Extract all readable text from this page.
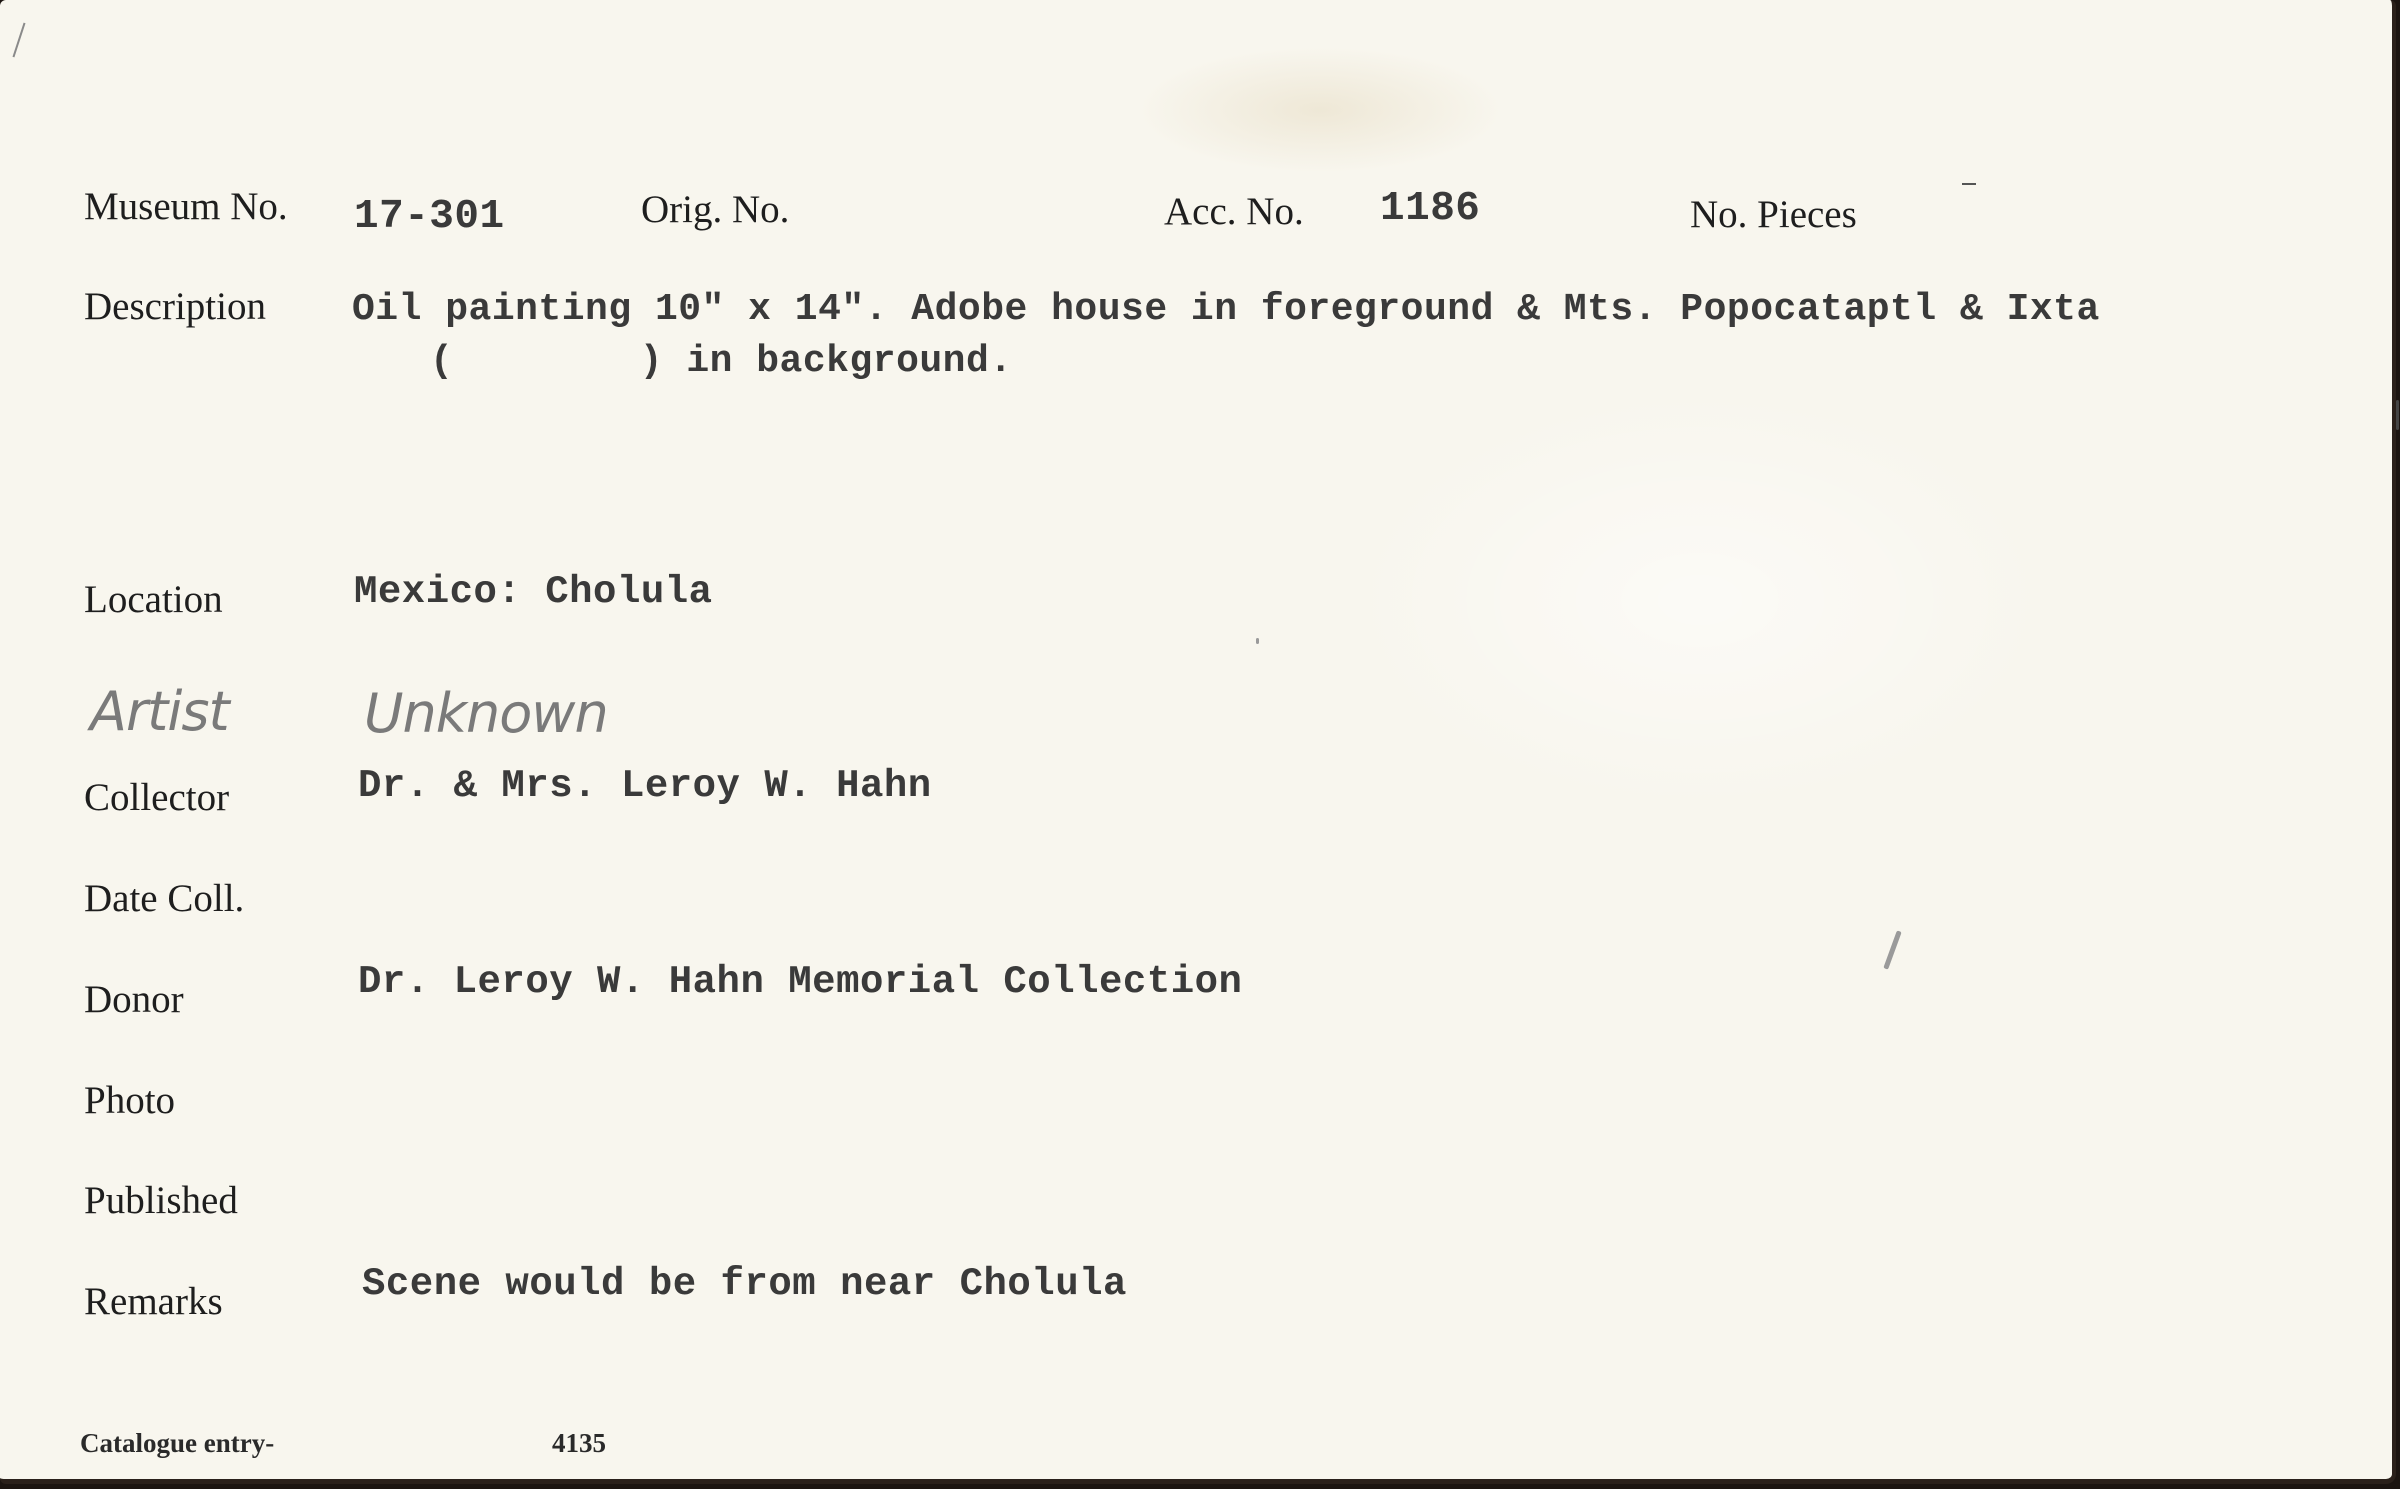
Museum No. 17-301	Orig. No.	Acc. No. 1186	No. Pieces
Description Oil painting 10" x 14". Adobe house in foreground & Mts. Popocataptl & Ixta
(        ) in background.
Location	Mexico: Cholula
Artist	Unknown
Collector	Dr. & Mrs. Leroy W. Hahn
Date Coll.
Donor	Dr. Leroy W. Hahn Memorial Collection
Photo
Published
Remarks	Scene would be from near Cholula
Catalogue entry-	4135
